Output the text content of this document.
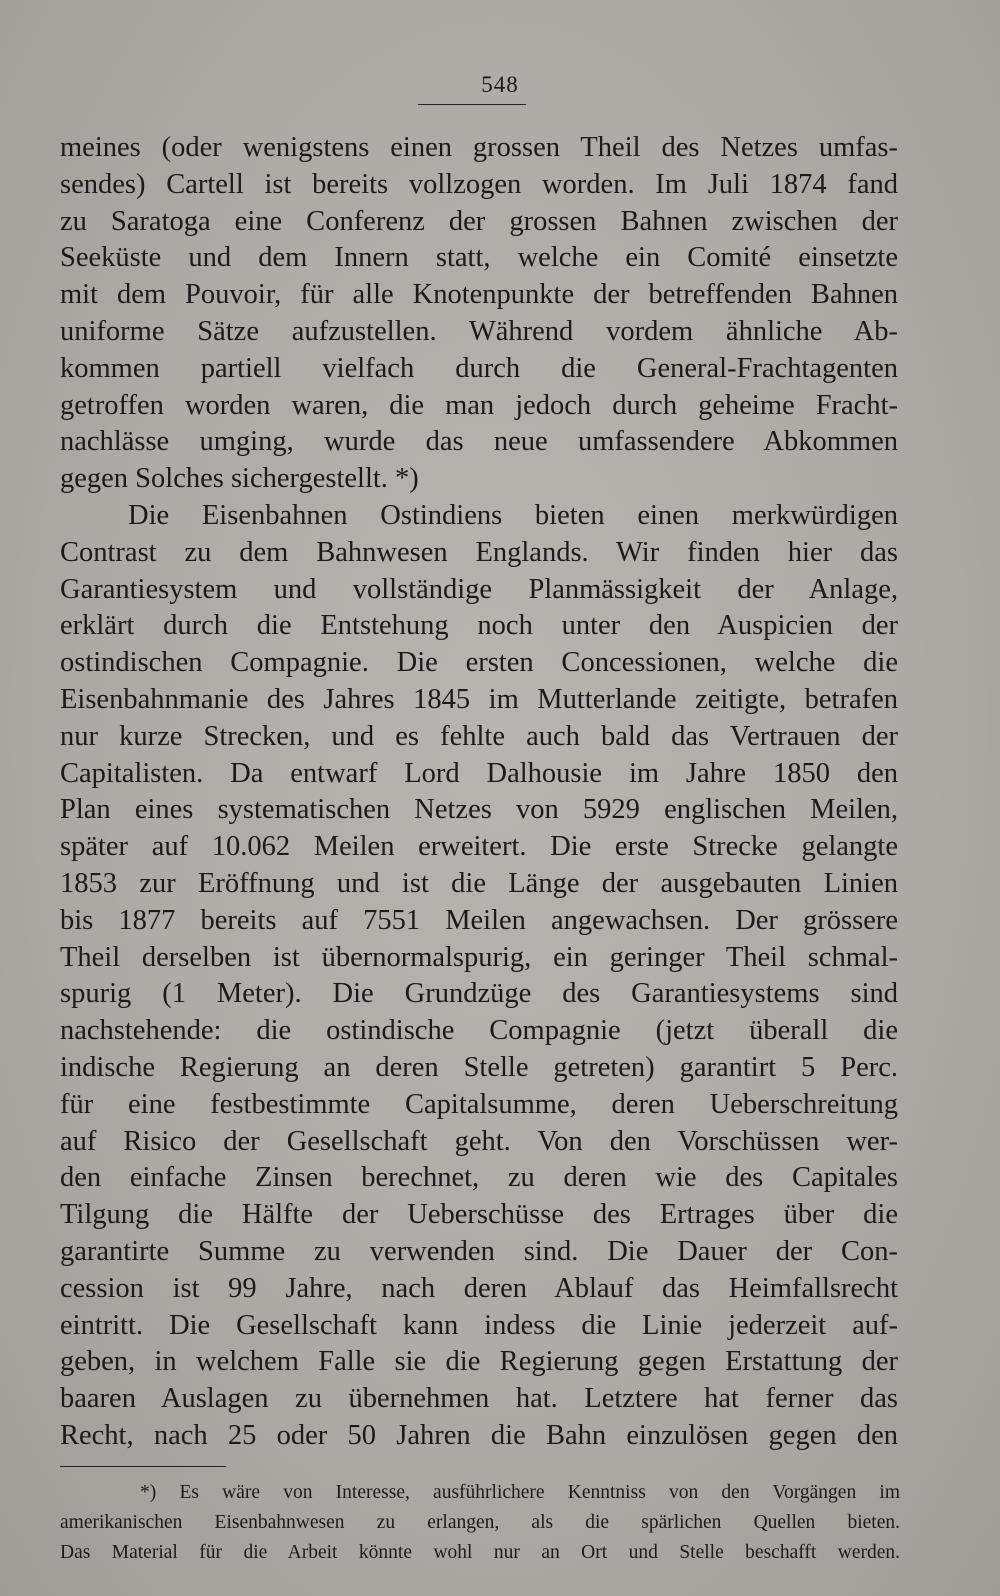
548
meines (oder wenigstens einen grossen Theil des Netzes umfas-
sendes) Cartell ist bereits vollzogen worden. Im Juli 1874 fand
zu Saratoga eine Conferenz der grossen Bahnen zwischen der
Seeküste und dem Innern statt, welche ein Comité einsetzte
mit dem Pouvoir, für alle Knotenpunkte der betreffenden Bahnen
uniforme Sätze aufzustellen. Während vordem ähnliche Ab-
kommen partiell vielfach durch die General-Frachtagenten
getroffen worden waren, die man jedoch durch geheime Fracht-
nachlässe umging, wurde das neue umfassendere Abkommen
gegen Solches sichergestellt. *)
Die Eisenbahnen Ostindiens bieten einen merkwürdigen
Contrast zu dem Bahnwesen Englands. Wir finden hier das
Garantiesystem und vollständige Planmässigkeit der Anlage,
erklärt durch die Entstehung noch unter den Auspicien der
ostindischen Compagnie. Die ersten Concessionen, welche die
Eisenbahnmanie des Jahres 1845 im Mutterlande zeitigte, betrafen
nur kurze Strecken, und es fehlte auch bald das Vertrauen der
Capitalisten. Da entwarf Lord Dalhousie im Jahre 1850 den
Plan eines systematischen Netzes von 5929 englischen Meilen,
später auf 10.062 Meilen erweitert. Die erste Strecke gelangte
1853 zur Eröffnung und ist die Länge der ausgebauten Linien
bis 1877 bereits auf 7551 Meilen angewachsen. Der grössere
Theil derselben ist übernormalspurig, ein geringer Theil schmal-
spurig (1 Meter). Die Grundzüge des Garantiesystems sind
nachstehende: die ostindische Compagnie (jetzt überall die
indische Regierung an deren Stelle getreten) garantirt 5 Perc.
für eine festbestimmte Capitalsumme, deren Ueberschreitung
auf Risico der Gesellschaft geht. Von den Vorschüssen wer-
den einfache Zinsen berechnet, zu deren wie des Capitales
Tilgung die Hälfte der Ueberschüsse des Ertrages über die
garantirte Summe zu verwenden sind. Die Dauer der Con-
cession ist 99 Jahre, nach deren Ablauf das Heimfallsrecht
eintritt. Die Gesellschaft kann indess die Linie jederzeit auf-
geben, in welchem Falle sie die Regierung gegen Erstattung der
baaren Auslagen zu übernehmen hat. Letztere hat ferner das
Recht, nach 25 oder 50 Jahren die Bahn einzulösen gegen den
*) Es wäre von Interesse, ausführlichere Kenntniss von den Vorgängen im
amerikanischen Eisenbahnwesen zu erlangen, als die spärlichen Quellen bieten.
Das Material für die Arbeit könnte wohl nur an Ort und Stelle beschafft werden.
